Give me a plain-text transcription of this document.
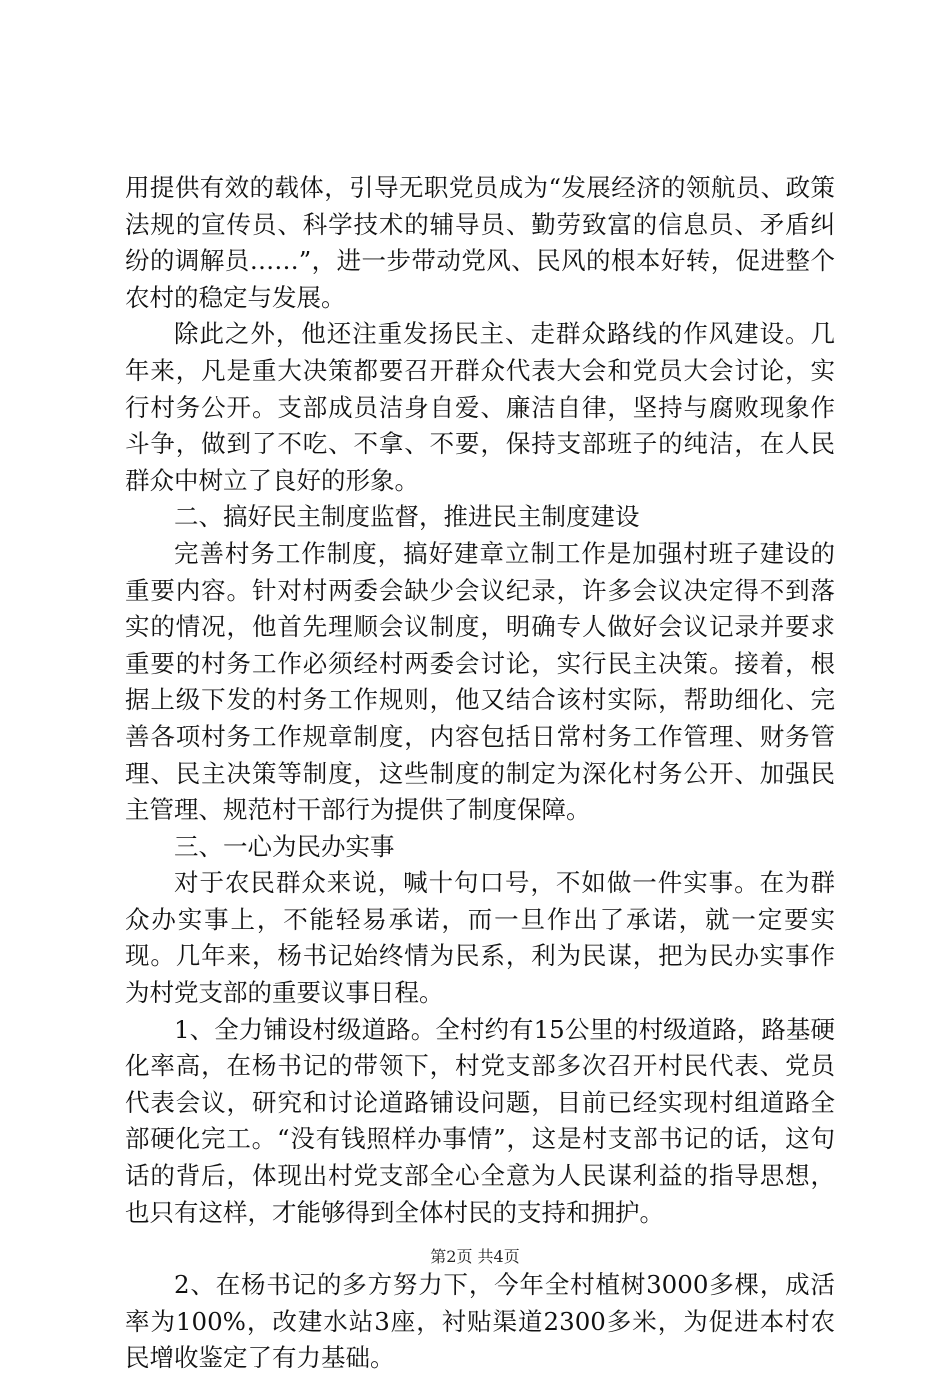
用提供有效的载体，引导无职党员成为“发展经济的领航员、政策法规的宣传员、科学技术的辅导员、勤劳致富的信息员、矛盾纠纷的调解员……”，进一步带动党风、民风的根本好转，促进整个农村的稳定与发展。

除此之外，他还注重发扬民主、走群众路线的作风建设。几年来，凡是重大决策都要召开群众代表大会和党员大会讨论，实行村务公开。支部成员洁身自爱、廉洁自律，坚持与腐败现象作斗争，做到了不吃、不拿、不要，保持支部班子的纯洁，在人民群众中树立了良好的形象。

二、搞好民主制度监督，推进民主制度建设

完善村务工作制度，搞好建章立制工作是加强村班子建设的重要内容。针对村两委会缺少会议纪录，许多会议决定得不到落实的情况，他首先理顺会议制度，明确专人做好会议记录并要求重要的村务工作必须经村两委会讨论，实行民主决策。接着，根据上级下发的村务工作规则，他又结合该村实际，帮助细化、完善各项村务工作规章制度，内容包括日常村务工作管理、财务管理、民主决策等制度，这些制度的制定为深化村务公开、加强民主管理、规范村干部行为提供了制度保障。

三、一心为民办实事

对于农民群众来说，喊十句口号，不如做一件实事。在为群众办实事上，不能轻易承诺，而一旦作出了承诺，就一定要实现。几年来，杨书记始终情为民系，利为民谋，把为民办实事作为村党支部的重要议事日程。

1、全力铺设村级道路。全村约有15公里的村级道路，路基硬化率高，在杨书记的带领下，村党支部多次召开村民代表、党员代表会议，研究和讨论道路铺设问题，目前已经实现村组道路全部硬化完工。“没有钱照样办事情”，这是村支部书记的话，这句话的背后，体现出村党支部全心全意为人民谋利益的指导思想，也只有这样，才能够得到全体村民的支持和拥护。

2、在杨书记的多方努力下，今年全村植树3000多棵，成活率为100%，改建水站3座，衬贴渠道2300多米，为促进本村农民增收鉴定了有力基础。

第2页 共4页
